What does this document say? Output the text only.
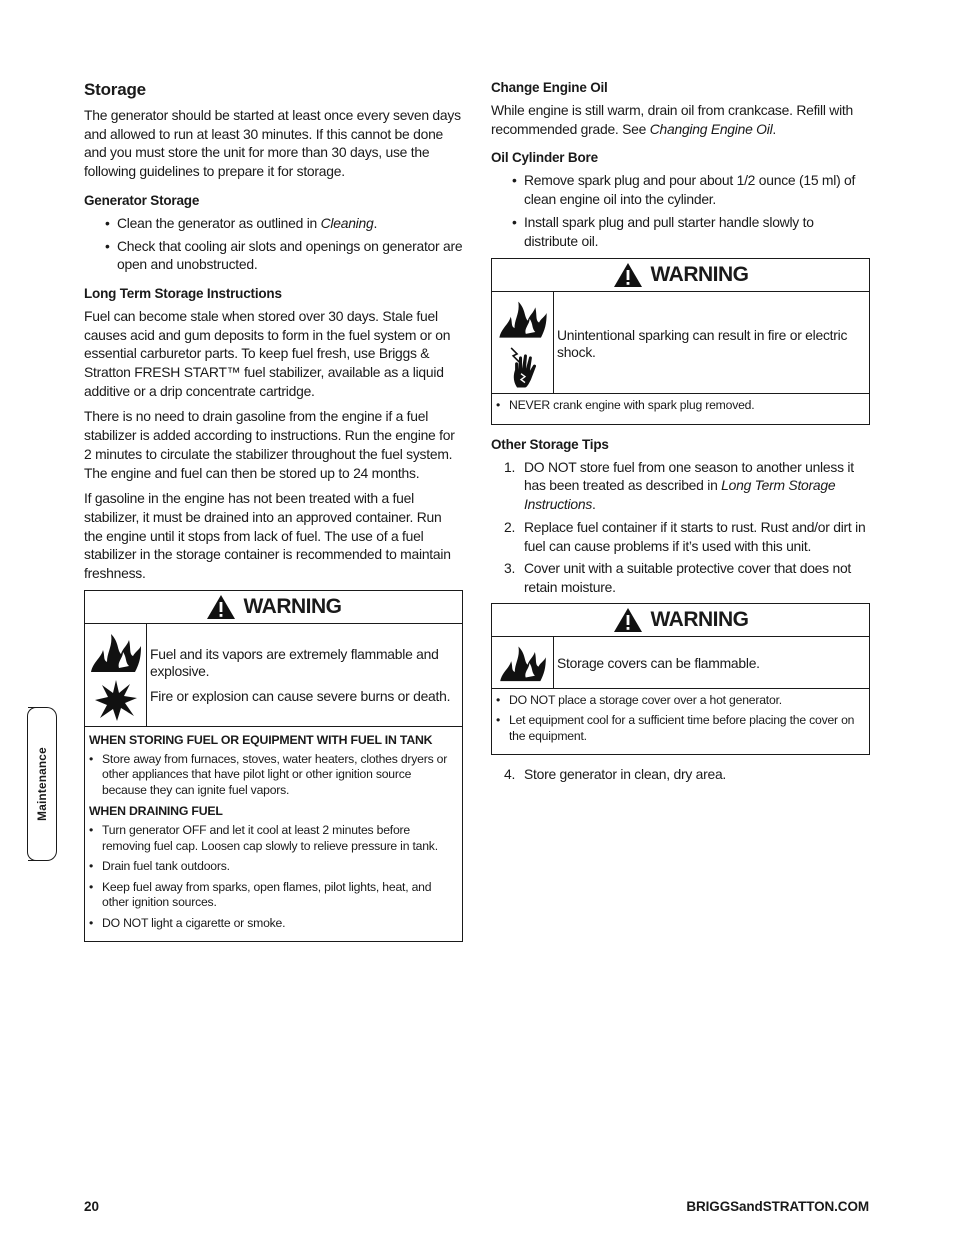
Storage

The generator should be started at least once every seven days and allowed to run at least 30 minutes. If this cannot be done and you must store the unit for more than 30 days, use the following guidelines to prepare it for storage.

Generator Storage
• Clean the generator as outlined in Cleaning.
• Check that cooling air slots and openings on generator are open and unobstructed.
Long Term Storage Instructions

Fuel can become stale when stored over 30 days. Stale fuel causes acid and gum deposits to form in the fuel system or on essential carburetor parts. To keep fuel fresh, use Briggs & Stratton FRESH START™ fuel stabilizer, available as a liquid additive or a drip concentrate cartridge.

There is no need to drain gasoline from the engine if a fuel stabilizer is added according to instructions. Run the engine for 2 minutes to circulate the stabilizer throughout the fuel system. The engine and fuel can then be stored up to 24 months.

If gasoline in the engine has not been treated with a fuel stabilizer, it must be drained into an approved container. Run the engine until it stops from lack of fuel. The use of a fuel stabilizer in the storage container is recommended to maintain freshness.

WARNING

Fuel and its vapors are extremely flammable and explosive.

Fire or explosion can cause severe burns or death.

WHEN STORING FUEL OR EQUIPMENT WITH FUEL IN TANK
• Store away from furnaces, stoves, water heaters, clothes dryers or other appliances that have pilot light or other ignition source because they can ignite fuel vapors.
WHEN DRAINING FUEL
• Turn generator OFF and let it cool at least 2 minutes before removing fuel cap. Loosen cap slowly to relieve pressure in tank.
• Drain fuel tank outdoors.
• Keep fuel away from sparks, open flames, pilot lights, heat, and other ignition sources.
• DO NOT light a cigarette or smoke.
Change Engine Oil

While engine is still warm, drain oil from crankcase. Refill with recommended grade. See Changing Engine Oil.

Oil Cylinder Bore
• Remove spark plug and pour about 1/2 ounce (15 ml) of clean engine oil into the cylinder.
• Install spark plug and pull starter handle slowly to distribute oil.
WARNING

Unintentional sparking can result in fire or electric shock.

• NEVER crank engine with spark plug removed.
Other Storage Tips
1. DO NOT store fuel from one season to another unless it has been treated as described in Long Term Storage Instructions.
2. Replace fuel container if it starts to rust. Rust and/or dirt in fuel can cause problems if it’s used with this unit.
3. Cover unit with a suitable protective cover that does not retain moisture.
WARNING

Storage covers can be flammable.

• DO NOT place a storage cover over a hot generator.
• Let equipment cool for a sufficient time before placing the cover on the equipment.
4. Store generator in clean, dry area.
Maintenance
20	BRIGGSandSTRATTON.COM
